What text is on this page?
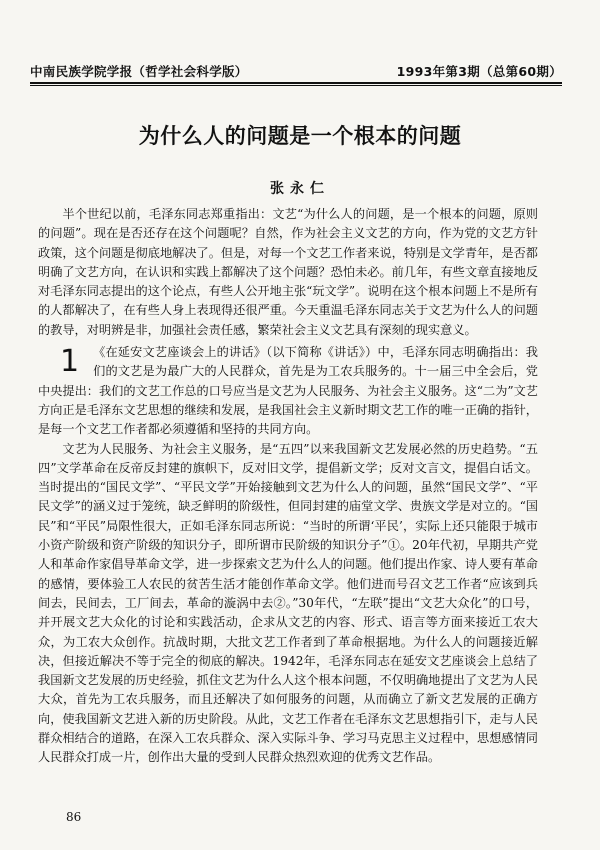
中南民族学院学报（哲学社会科学版）	1993年第3期（总第60期）
为什么人的问题是一个根本的问题
张永仁

半个世纪以前，毛泽东同志郑重指出：文艺“为什么人的问题，是一个根本的问题，原则的问题”。现在是否还存在这个问题呢？自然，作为社会主义文艺的方向，作为党的文艺方针政策，这个问题是彻底地解决了。但是，对每一个文艺工作者来说，特别是文学青年，是否都明确了文艺方向，在认识和实践上都解决了这个问题？恐怕未必。前几年，有些文章直接地反对毛泽东同志提出的这个论点，有些人公开地主张“玩文学”。说明在这个根本问题上不是所有的人都解决了，在有些人身上表现得还很严重。今天重温毛泽东同志关于文艺为什么人的问题的教导，对明辨是非，加强社会责任感，繁荣社会主义文艺具有深刻的现实意义。

1 《在延安文艺座谈会上的讲话》（以下简称《讲话》）中，毛泽东同志明确指出：我们的文艺是为最广大的人民群众，首先是为工农兵服务的。十一届三中全会后，党中央提出：我们的文艺工作总的口号应当是文艺为人民服务、为社会主义服务。这“二为”文艺方向正是毛泽东文艺思想的继续和发展，是我国社会主义新时期文艺工作的唯一正确的指针，是每一个文艺工作者都必须遵循和坚持的共同方向。

文艺为人民服务、为社会主义服务，是“五四”以来我国新文艺发展必然的历史趋势。“五四”文学革命在反帝反封建的旗帜下，反对旧文学，提倡新文学；反对文言文，提倡白话文。当时提出的“国民文学”、“平民文学”开始接触到文艺为什么人的问题，虽然“国民文学”、“平民文学”的涵义过于笼统，缺乏鲜明的阶级性，但同封建的庙堂文学、贵族文学是对立的。“国民”和“平民”局限性很大，正如毛泽东同志所说：“当时的所谓‘平民’，实际上还只能限于城市小资产阶级和资产阶级的知识分子，即所谓市民阶级的知识分子”①。20年代初，早期共产党人和革命作家倡导革命文学，进一步探索文艺为什么人的问题。他们提出作家、诗人要有革命的感情，要体验工人农民的贫苦生活才能创作革命文学。他们进而号召文艺工作者“应该到兵间去，民间去，工厂间去，革命的漩涡中去②。”30年代，“左联”提出“文艺大众化”的口号，并开展文艺大众化的讨论和实践活动，企求从文艺的内容、形式、语言等方面来接近工农大众，为工农大众创作。抗战时期，大批文艺工作者到了革命根据地。为什么人的问题接近解决，但接近解决不等于完全的彻底的解决。1942年，毛泽东同志在延安文艺座谈会上总结了我国新文艺发展的历史经验，抓住文艺为什么人这个根本问题，不仅明确地提出了文艺为人民大众，首先为工农兵服务，而且还解决了如何服务的问题，从而确立了新文艺发展的正确方向，使我国新文艺进入新的历史阶段。从此，文艺工作者在毛泽东文艺思想指引下，走与人民群众相结合的道路，在深入工农兵群众、深入实际斗争、学习马克思主义过程中，思想感情同人民群众打成一片，创作出大量的受到人民群众热烈欢迎的优秀文艺作品。

86
